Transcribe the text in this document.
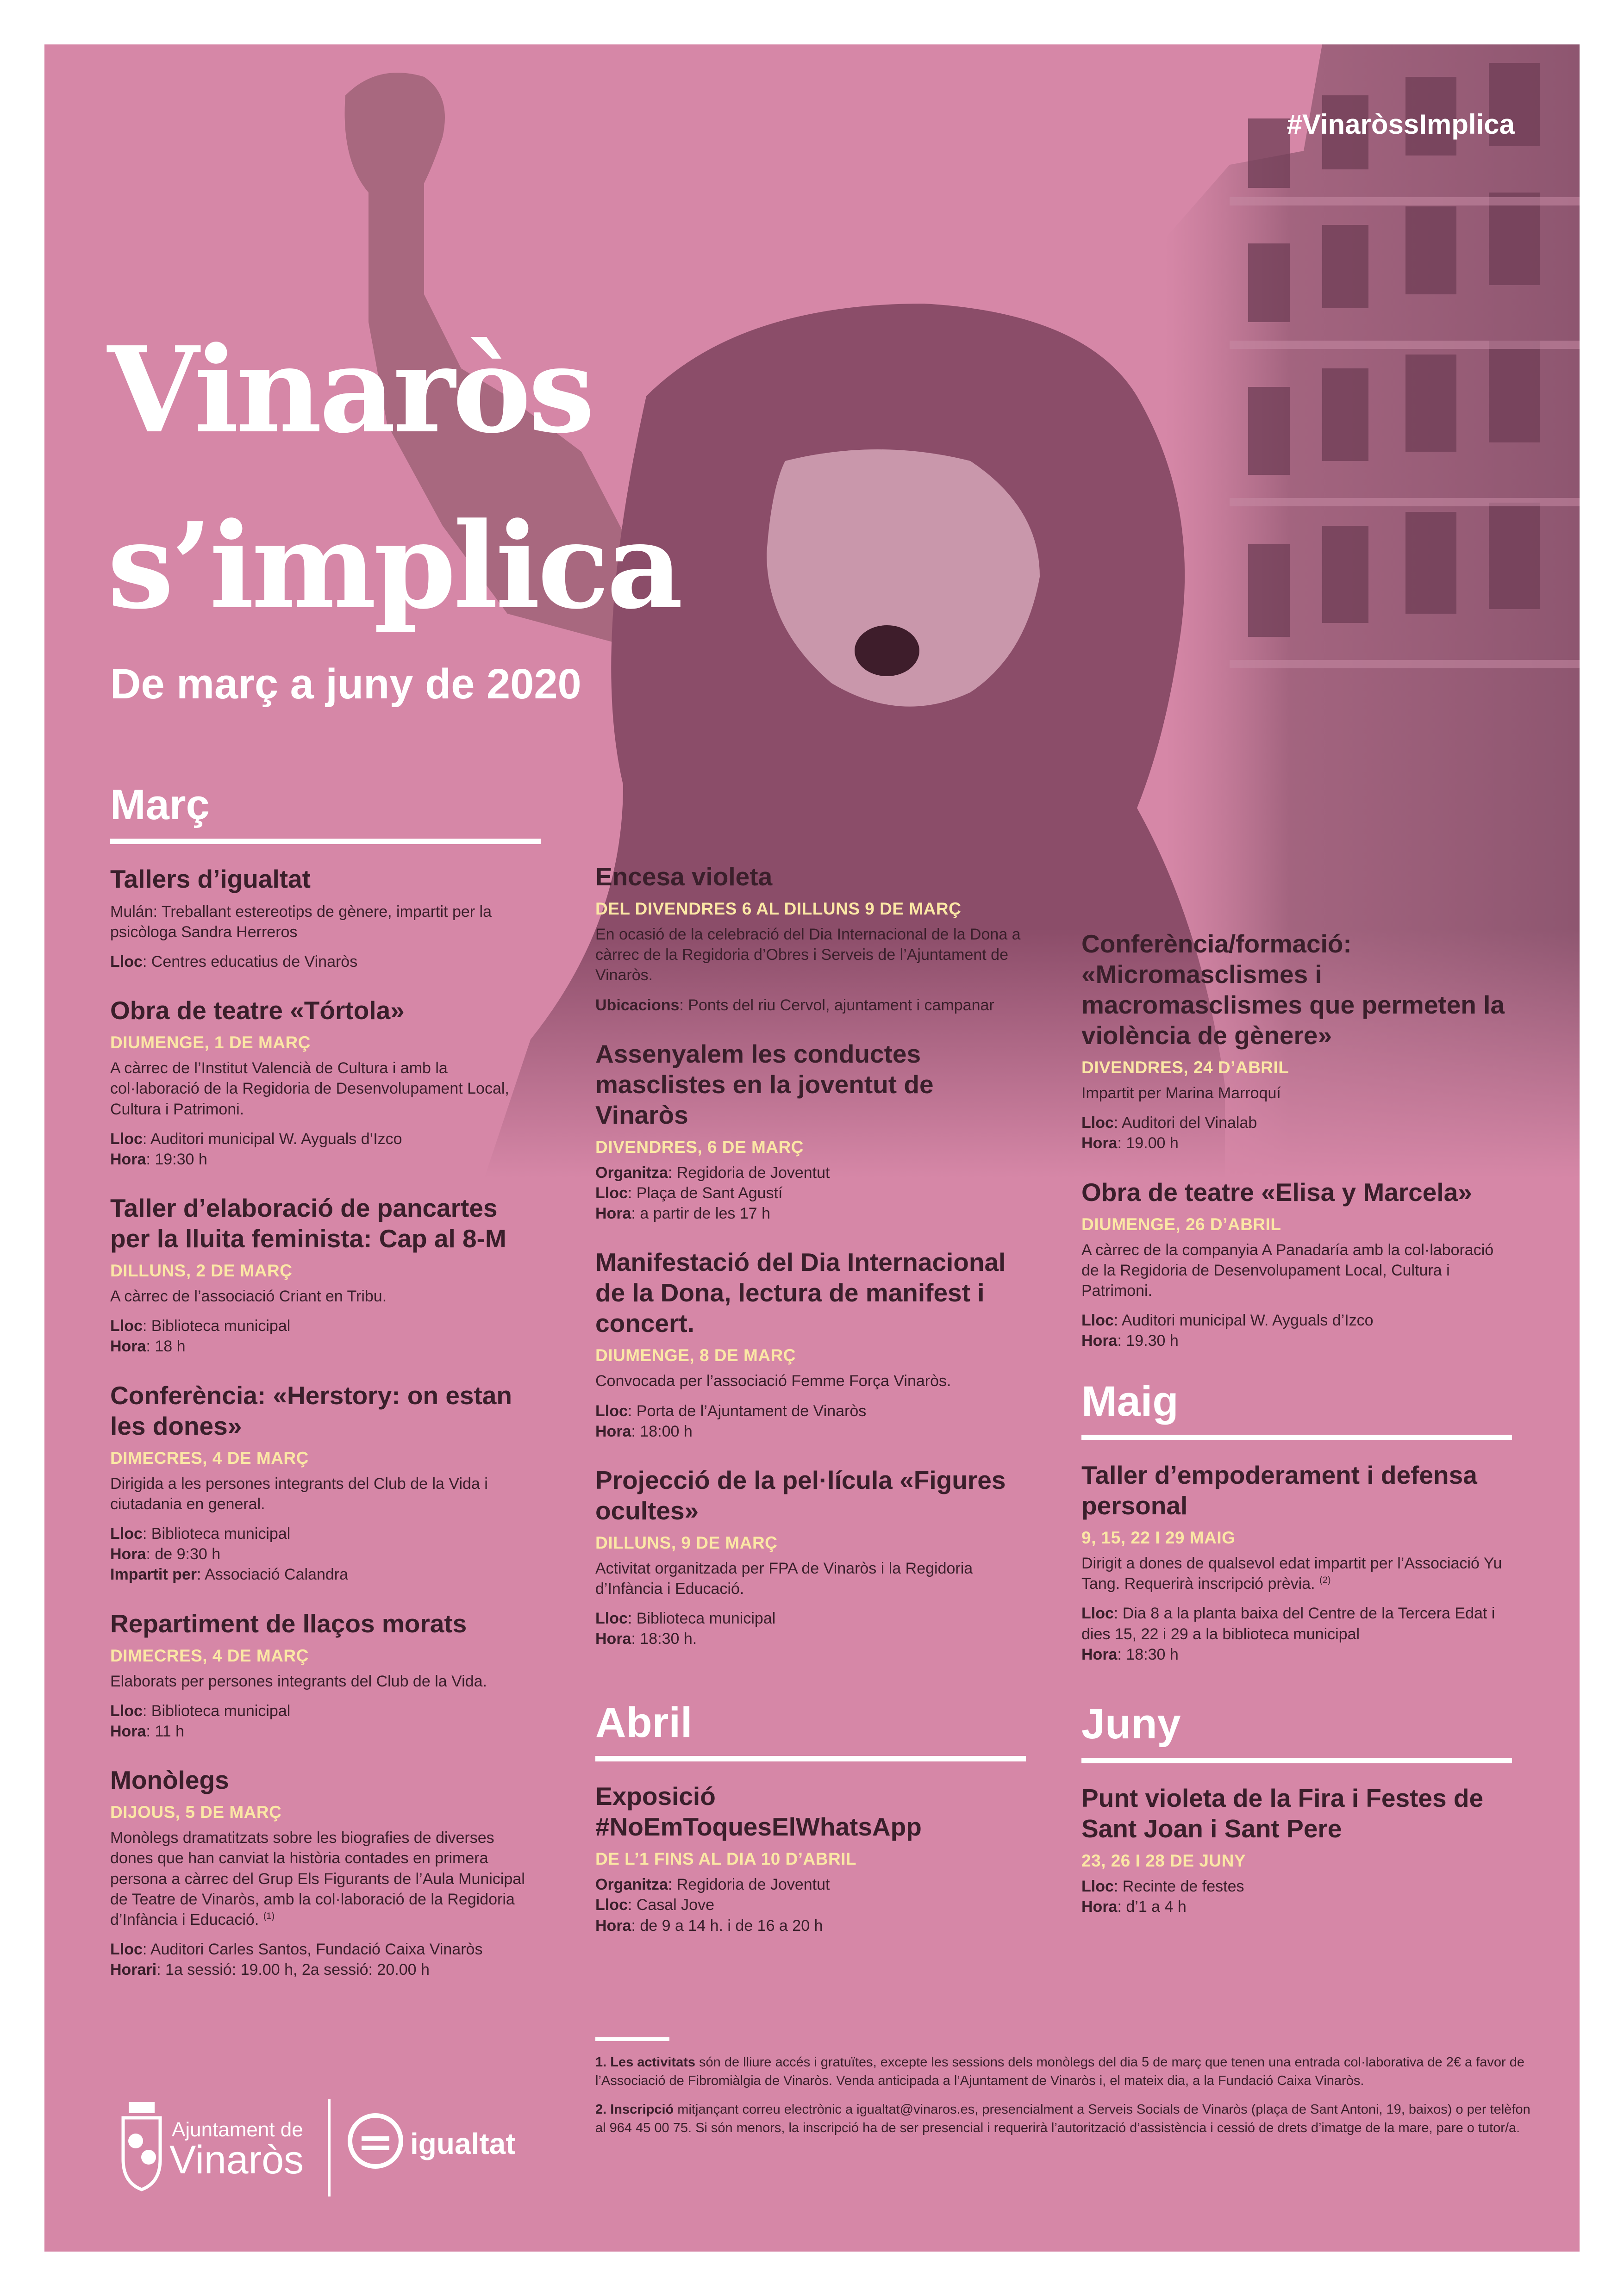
#VinaròssImplica
Vinaròs
s’implica
De març a juny de 2020
Març
Tallers d’igualtat
Mulán: Treballant estereotips de gènere, impartit per la psicòloga Sandra Herreros
Lloc: Centres educatius de Vinaròs
Obra de teatre «Tórtola»
DIUMENGE, 1 DE MARÇ
A càrrec de l’Institut Valencià de Cultura i amb la col·laboració de la Regidoria de Desenvolupament Local, Cultura i Patrimoni.
Lloc: Auditori municipal W. Ayguals d’Izco
Hora: 19:30 h
Taller d’elaboració de pancartes per la lluita feminista: Cap al 8-M
DILLUNS, 2 DE MARÇ
A càrrec de l’associació Criant en Tribu.
Lloc: Biblioteca municipal
Hora: 18 h
Conferència: «Herstory: on estan les dones»
DIMECRES, 4 DE MARÇ
Dirigida a les persones integrants del Club de la Vida i ciutadania en general.
Lloc: Biblioteca municipal
Hora: de 9:30 h
Impartit per: Associació Calandra
Repartiment de llaços morats
DIMECRES, 4 DE MARÇ
Elaborats per persones integrants del Club de la Vida.
Lloc: Biblioteca municipal
Hora: 11 h
Monòlegs
DIJOUS, 5 DE MARÇ
Monòlegs dramatitzats sobre les biografies de diverses dones que han canviat la història contades en primera persona a càrrec del Grup Els Figurants de l’Aula Municipal de Teatre de Vinaròs, amb la col·laboració de la Regidoria d’Infància i Educació. $^{(1)}$
Lloc: Auditori Carles Santos, Fundació Caixa Vinaròs
Horari: 1a sessió: 19.00 h, 2a sessió: 20.00 h
Encesa violeta
DEL DIVENDRES 6 AL DILLUNS 9 DE MARÇ
En ocasió de la celebració del Dia Internacional de la Dona a càrrec de la Regidoria d’Obres i Serveis de l’Ajuntament de Vinaròs.
Ubicacions: Ponts del riu Cervol, ajuntament i campanar
Assenyalem les conductes masclistes en la joventut de Vinaròs
DIVENDRES, 6 DE MARÇ
Organitza: Regidoria de Joventut
Lloc: Plaça de Sant Agustí
Hora: a partir de les 17 h
Manifestació del Dia Internacional de la Dona, lectura de manifest i concert.
DIUMENGE, 8 DE MARÇ
Convocada per l’associació Femme Força Vinaròs.
Lloc: Porta de l’Ajuntament de Vinaròs
Hora: 18:00 h
Projecció de la pel·lícula «Figures ocultes»
DILLUNS, 9 DE MARÇ
Activitat organitzada per FPA de Vinaròs i la Regidoria d’Infància i Educació.
Lloc: Biblioteca municipal
Hora: 18:30 h.
Abril
Exposició #NoEmToquesElWhatsApp
DE L’1 FINS AL DIA 10 D’ABRIL
Organitza: Regidoria de Joventut
Lloc: Casal Jove
Hora: de 9 a 14 h. i de 16 a 20 h
Conferència/formació: «Micromasclismes i macromasclismes que permeten la violència de gènere»
DIVENDRES, 24 D’ABRIL
Impartit per Marina Marroquí
Lloc: Auditori del Vinalab
Hora: 19.00 h
Obra de teatre «Elisa y Marcela»
DIUMENGE, 26 D’ABRIL
A càrrec de la companyia A Panadaría amb la col·laboració de la Regidoria de Desenvolupament Local, Cultura i Patrimoni.
Lloc: Auditori municipal W. Ayguals d’Izco
Hora: 19.30 h
Maig
Taller d’empoderament i defensa personal
9, 15, 22 I 29 MAIG
Dirigit a dones de qualsevol edat impartit per l’Associació Yu Tang. Requerirà inscripció prèvia. $^{(2)}$
Lloc: Dia 8 a la planta baixa del Centre de la Tercera Edat i dies 15, 22 i 29 a la biblioteca municipal
Hora: 18:30 h
Juny
Punt violeta de la Fira i Festes de Sant Joan i Sant Pere
23, 26 I 28 DE JUNY
Lloc: Recinte de festes
Hora: d’1 a 4 h

1. Les activitats són de lliure accés i gratuïtes, excepte les sessions dels monòlegs del dia 5 de març que tenen una entrada col·laborativa de 2€ a favor de l’Associació de Fibromiàlgia de Vinaròs. Venda anticipada a l’Ajuntament de Vinaròs i, el mateix dia, a la Fundació Caixa Vinaròs.

2. Inscripció mitjançant correu electrònic a igualtat@vinaros.es, presencialment a Serveis Socials de Vinaròs (plaça de Sant Antoni, 19, baixos) o per telèfon al 964 45 00 75. Si són menors, la inscripció ha de ser presencial i requerirà l’autorització d’assistència i cessió de drets d’imatge de la mare, pare o tutor/a.

Ajuntament de
Vinaròs	igualtat
